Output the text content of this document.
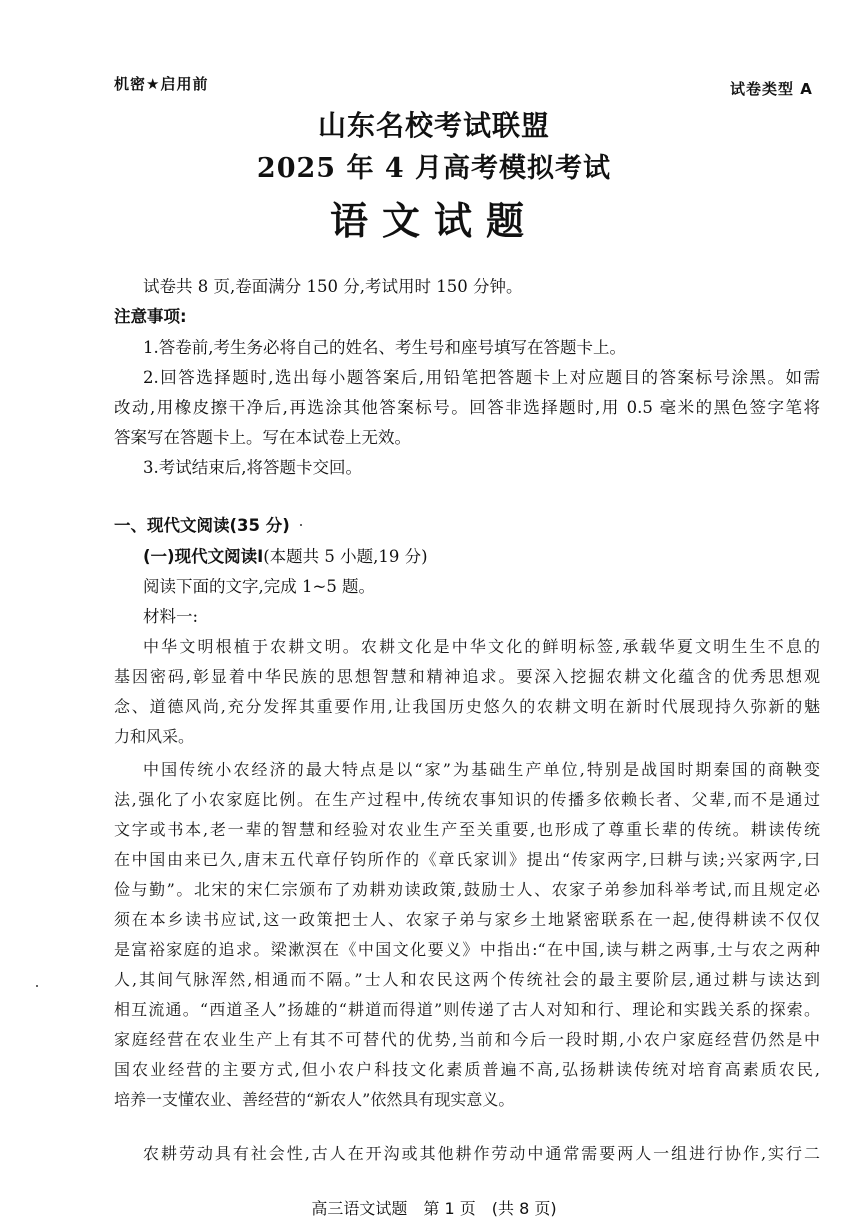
机密★启用前	试卷类型 A
山东名校考试联盟
2025 年 4 月高考模拟考试
语文试题
试卷共 8 页,卷面满分 150 分,考试用时 150 分钟。
注意事项:
1.答卷前,考生务必将自己的姓名、考生号和座号填写在答题卡上。
2.回答选择题时,选出每小题答案后,用铅笔把答题卡上对应题目的答案标号涂黑。如需
改动,用橡皮擦干净后,再选涂其他答案标号。回答非选择题时,用 0.5 毫米的黑色签字笔将
答案写在答题卡上。写在本试卷上无效。
3.考试结束后,将答题卡交回。
一、现代文阅读(35 分)
(一)现代文阅读Ⅰ(本题共 5 小题,19 分)
阅读下面的文字,完成 1~5 题。
材料一:
中华文明根植于农耕文明。农耕文化是中华文化的鲜明标签,承载华夏文明生生不息的
基因密码,彰显着中华民族的思想智慧和精神追求。要深入挖掘农耕文化蕴含的优秀思想观
念、道德风尚,充分发挥其重要作用,让我国历史悠久的农耕文明在新时代展现持久弥新的魅
力和风采。
中国传统小农经济的最大特点是以“家”为基础生产单位,特别是战国时期秦国的商鞅变
法,强化了小农家庭比例。在生产过程中,传统农事知识的传播多依赖长者、父辈,而不是通过
文字或书本,老一辈的智慧和经验对农业生产至关重要,也形成了尊重长辈的传统。耕读传统
在中国由来已久,唐末五代章仔钧所作的《章氏家训》提出“传家两字,曰耕与读;兴家两字,曰
俭与勤”。北宋的宋仁宗颁布了劝耕劝读政策,鼓励士人、农家子弟参加科举考试,而且规定必
须在本乡读书应试,这一政策把士人、农家子弟与家乡土地紧密联系在一起,使得耕读不仅仅
是富裕家庭的追求。梁漱溟在《中国文化要义》中指出:“在中国,读与耕之两事,士与农之两种
人,其间气脉浑然,相通而不隔。”士人和农民这两个传统社会的最主要阶层,通过耕与读达到
相互流通。“西道圣人”扬雄的“耕道而得道”则传递了古人对知和行、理论和实践关系的探索。
家庭经营在农业生产上有其不可替代的优势,当前和今后一段时期,小农户家庭经营仍然是中
国农业经营的主要方式,但小农户科技文化素质普遍不高,弘扬耕读传统对培育高素质农民,
培养一支懂农业、善经营的“新农人”依然具有现实意义。
农耕劳动具有社会性,古人在开沟或其他耕作劳动中通常需要两人一组进行协作,实行二
高三语文试题　第 1 页　(共 8 页)
